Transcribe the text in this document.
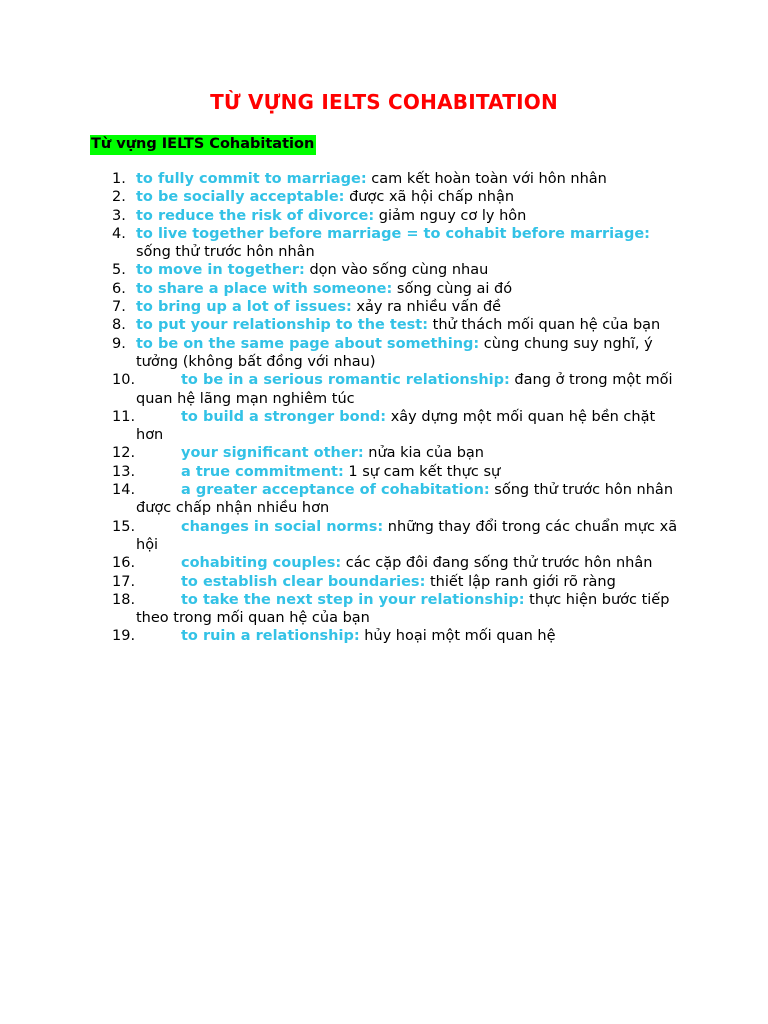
TỪ VỰNG IELTS COHABITATION
Từ vựng IELTS Cohabitation
1. to fully commit to marriage: cam kết hoàn toàn với hôn nhân
2. to be socially acceptable: được xã hội chấp nhận
3. to reduce the risk of divorce: giảm nguy cơ ly hôn
4. to live together before marriage = to cohabit before marriage: sống thử trước hôn nhân
5. to move in together: dọn vào sống cùng nhau
6. to share a place with someone: sống cùng ai đó
7. to bring up a lot of issues: xảy ra nhiều vấn đề
8. to put your relationship to the test: thử thách mối quan hệ của bạn
9. to be on the same page about something: cùng chung suy nghĩ, ý tưởng (không bất đồng với nhau)
10.	to be in a serious romantic relationship: đang ở trong một mối quan hệ lãng mạn nghiêm túc
11.	to build a stronger bond: xây dựng một mối quan hệ bền chặt hơn
12.	your significant other: nửa kia của bạn
13.	a true commitment: 1 sự cam kết thực sự
14.	a greater acceptance of cohabitation: sống thử trước hôn nhân được chấp nhận nhiều hơn
15.	changes in social norms: những thay đổi trong các chuẩn mực xã hội
16.	cohabiting couples: các cặp đôi đang sống thử trước hôn nhân
17.	to establish clear boundaries: thiết lập ranh giới rõ ràng
18.	to take the next step in your relationship: thực hiện bước tiếp theo trong mối quan hệ của bạn
19.	to ruin a relationship: hủy hoại một mối quan hệ
